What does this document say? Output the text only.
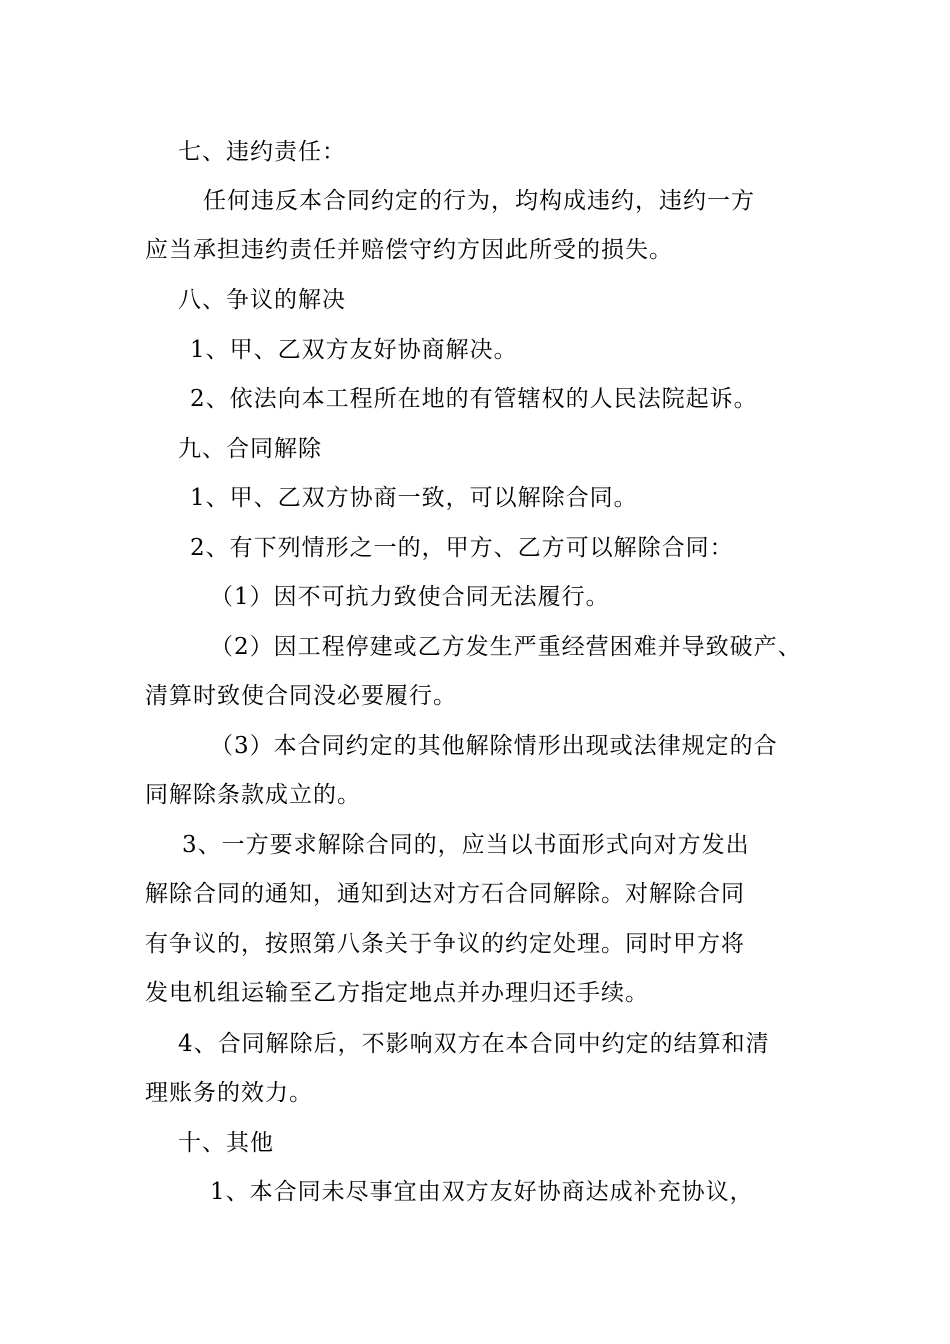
七、违约责任：
任何违反本合同约定的行为，均构成违约，违约一方
应当承担违约责任并赔偿守约方因此所受的损失。
八、争议的解决
1、甲、乙双方友好协商解决。
2、依法向本工程所在地的有管辖权的人民法院起诉。
九、合同解除
1、甲、乙双方协商一致，可以解除合同。
2、有下列情形之一的，甲方、乙方可以解除合同：
（1）因不可抗力致使合同无法履行。
（2）因工程停建或乙方发生严重经营困难并导致破产、
清算时致使合同没必要履行。
（3）本合同约定的其他解除情形出现或法律规定的合
同解除条款成立的。
3、一方要求解除合同的，应当以书面形式向对方发出
解除合同的通知，通知到达对方石合同解除。对解除合同
有争议的，按照第八条关于争议的约定处理。同时甲方将
发电机组运输至乙方指定地点并办理归还手续。
4、合同解除后，不影响双方在本合同中约定的结算和清
理账务的效力。
十、其他
1、本合同未尽事宜由双方友好协商达成补充协议，
